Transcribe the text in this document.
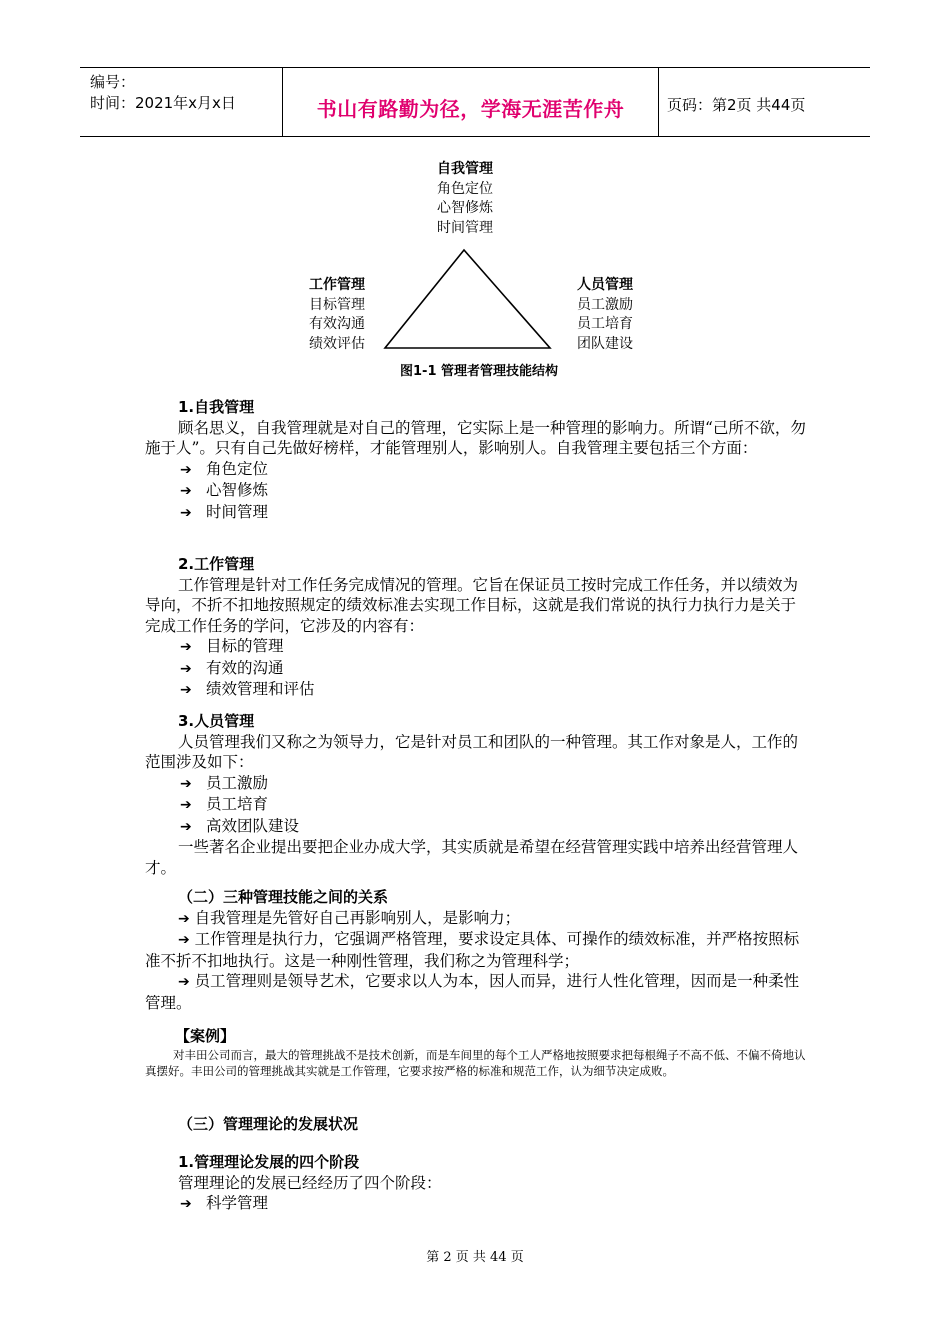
编号：
时间：2021年x月x日	书山有路勤为径，学海无涯苦作舟	页码：第2页 共44页
自我管理
角色定位
心智修炼
时间管理
工作管理
目标管理
有效沟通
绩效评估
人员管理
员工激励
员工培育
团队建设
图1-1 管理者管理技能结构
1.自我管理
顾名思义，自我管理就是对自己的管理，它实际上是一种管理的影响力。所谓“己所不欲，勿施于人”。只有自己先做好榜样，才能管理别人，影响别人。自我管理主要包括三个方面：
➔ 角色定位
➔ 心智修炼
➔ 时间管理
2.工作管理
工作管理是针对工作任务完成情况的管理。它旨在保证员工按时完成工作任务，并以绩效为导向，不折不扣地按照规定的绩效标准去实现工作目标，这就是我们常说的执行力执行力是关于完成工作任务的学问，它涉及的内容有：
➔ 目标的管理
➔ 有效的沟通
➔ 绩效管理和评估
3.人员管理
人员管理我们又称之为领导力，它是针对员工和团队的一种管理。其工作对象是人，工作的范围涉及如下：
➔ 员工激励
➔ 员工培育
➔ 高效团队建设
一些著名企业提出要把企业办成大学，其实质就是希望在经营管理实践中培养出经营管理人才。
（二）三种管理技能之间的关系
➔ 自我管理是先管好自己再影响别人，是影响力；
➔ 工作管理是执行力，它强调严格管理，要求设定具体、可操作的绩效标准，并严格按照标准不折不扣地执行。这是一种刚性管理，我们称之为管理科学；
➔ 员工管理则是领导艺术，它要求以人为本，因人而异，进行人性化管理，因而是一种柔性管理。
【案例】
对丰田公司而言，最大的管理挑战不是技术创新，而是车间里的每个工人严格地按照要求把每根绳子不高不低、不偏不倚地认真摆好。丰田公司的管理挑战其实就是工作管理，它要求按严格的标准和规范工作，认为细节决定成败。
（三）管理理论的发展状况
1.管理理论发展的四个阶段
管理理论的发展已经经历了四个阶段：
➔ 科学管理
第 2 页 共 44 页
